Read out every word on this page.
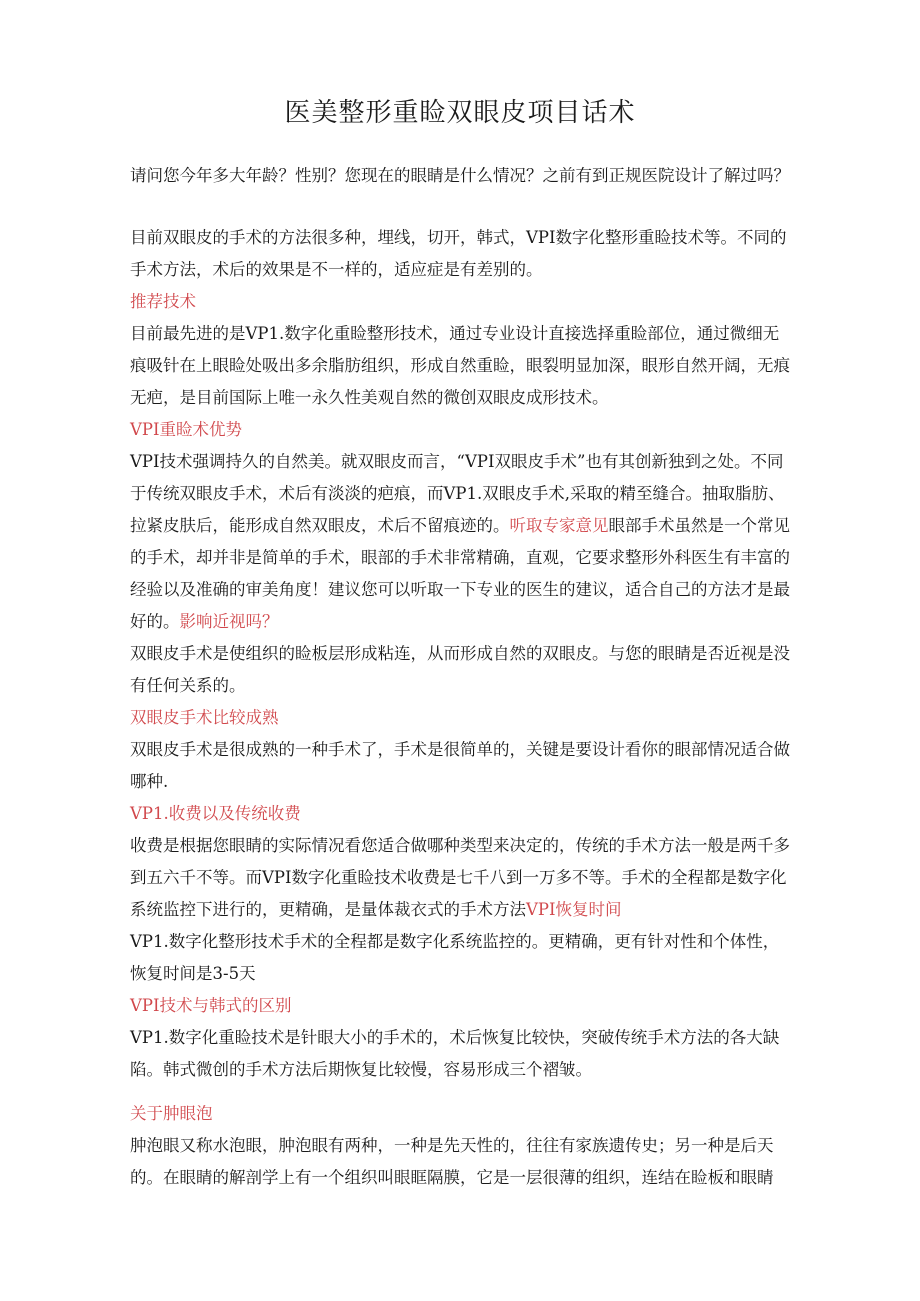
医美整形重睑双眼皮项目话术

请问您今年多大年龄？性别？您现在的眼睛是什么情况？之前有到正规医院设计了解过吗？

目前双眼皮的手术的方法很多种，埋线，切开，韩式，VPI数字化整形重睑技术等。不同的手术方法，术后的效果是不一样的，适应症是有差别的。

推荐技术

目前最先进的是VP1.数字化重睑整形技术，通过专业设计直接选择重睑部位，通过微细无痕吸针在上眼睑处吸出多余脂肪组织，形成自然重睑，眼裂明显加深，眼形自然开阔，无痕无疤，是目前国际上唯一永久性美观自然的微创双眼皮成形技术。

VPI重睑术优势

VPI技术强调持久的自然美。就双眼皮而言，“VPI双眼皮手术”也有其创新独到之处。不同于传统双眼皮手术，术后有淡淡的疤痕，而VP1.双眼皮手术,采取的精至缝合。抽取脂肪、拉紧皮肤后，能形成自然双眼皮，术后不留痕迹的。听取专家意见眼部手术虽然是一个常见的手术，却并非是简单的手术，眼部的手术非常精确，直观，它要求整形外科医生有丰富的经验以及准确的审美角度！建议您可以听取一下专业的医生的建议，适合自己的方法才是最好的。影响近视吗？

双眼皮手术是使组织的睑板层形成粘连，从而形成自然的双眼皮。与您的眼睛是否近视是没有任何关系的。

双眼皮手术比较成熟

双眼皮手术是很成熟的一种手术了，手术是很简单的，关键是要设计看你的眼部情况适合做哪种.

VP1.收费以及传统收费

收费是根据您眼睛的实际情况看您适合做哪种类型来决定的，传统的手术方法一般是两千多到五六千不等。而VPI数字化重睑技术收费是七千八到一万多不等。手术的全程都是数字化系统监控下进行的，更精确，是量体裁衣式的手术方法VPI恢复时间

VP1.数字化整形技术手术的全程都是数字化系统监控的。更精确，更有针对性和个体性，恢复时间是3-5天

VPI技术与韩式的区别

VP1.数字化重睑技术是针眼大小的手术的，术后恢复比较快，突破传统手术方法的各大缺陷。韩式微创的手术方法后期恢复比较慢，容易形成三个褶皱。

关于肿眼泡

肿泡眼又称水泡眼，肿泡眼有两种，一种是先天性的，往往有家族遗传史；另一种是后天的。在眼睛的解剖学上有一个组织叫眼眶隔膜，它是一层很薄的组织，连结在睑板和眼睛
